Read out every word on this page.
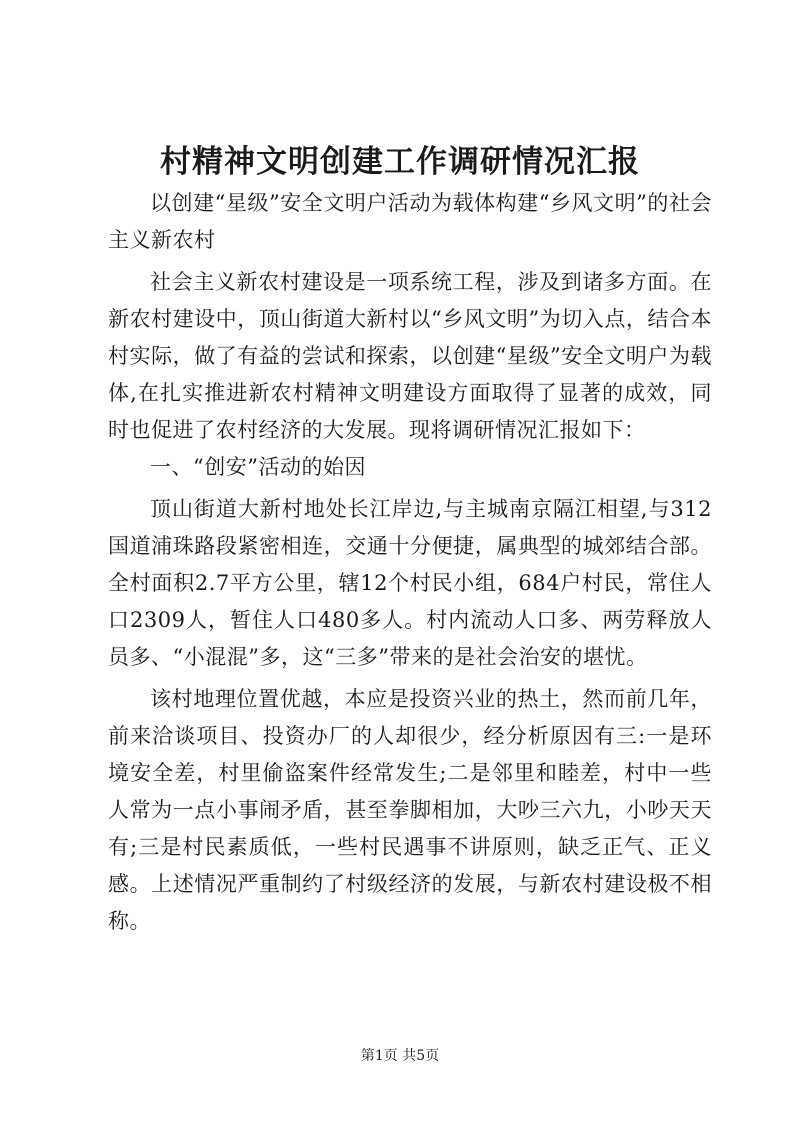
村精神文明创建工作调研情况汇报

以创建“星级”安全文明户活动为载体构建“乡风文明”的社会主义新农村

社会主义新农村建设是一项系统工程，涉及到诸多方面。在新农村建设中，顶山街道大新村以“乡风文明”为切入点，结合本村实际，做了有益的尝试和探索，以创建“星级”安全文明户为载体,在扎实推进新农村精神文明建设方面取得了显著的成效，同时也促进了农村经济的大发展。现将调研情况汇报如下：

一、“创安”活动的始因

顶山街道大新村地处长江岸边,与主城南京隔江相望,与312国道浦珠路段紧密相连，交通十分便捷，属典型的城郊结合部。全村面积2.7平方公里，辖12个村民小组，684户村民，常住人口2309人，暂住人口480多人。村内流动人口多、两劳释放人员多、“小混混”多，这“三多”带来的是社会治安的堪忧。

该村地理位置优越，本应是投资兴业的热土，然而前几年，前来洽谈项目、投资办厂的人却很少，经分析原因有三:一是环境安全差，村里偷盗案件经常发生;二是邻里和睦差，村中一些人常为一点小事闹矛盾，甚至拳脚相加，大吵三六九，小吵天天有;三是村民素质低，一些村民遇事不讲原则，缺乏正气、正义感。上述情况严重制约了村级经济的发展，与新农村建设极不相称。

第1页 共5页
